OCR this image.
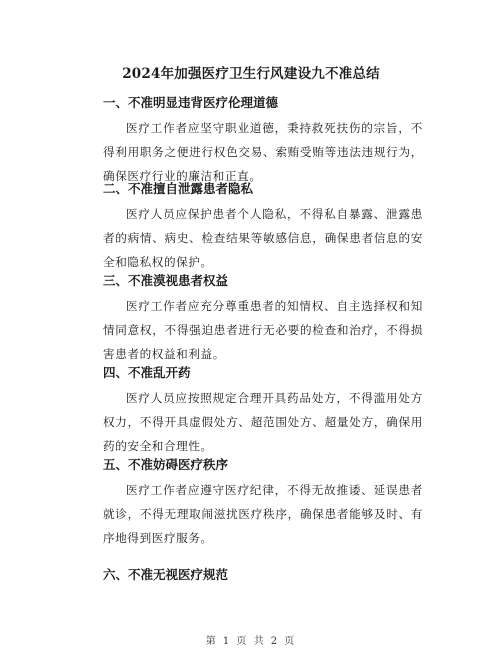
2024年加强医疗卫生行风建设九不准总结
一、不准明显违背医疗伦理道德

医疗工作者应坚守职业道德，秉持救死扶伤的宗旨，不得利用职务之便进行权色交易、索贿受贿等违法违规行为，确保医疗行业的廉洁和正直。

二、不准擅自泄露患者隐私

医疗人员应保护患者个人隐私，不得私自暴露、泄露患者的病情、病史、检查结果等敏感信息，确保患者信息的安全和隐私权的保护。

三、不准漠视患者权益

医疗工作者应充分尊重患者的知情权、自主选择权和知情同意权，不得强迫患者进行无必要的检查和治疗，不得损害患者的权益和利益。

四、不准乱开药

医疗人员应按照规定合理开具药品处方，不得滥用处方权力，不得开具虚假处方、超范围处方、超量处方，确保用药的安全和合理性。

五、不准妨碍医疗秩序

医疗工作者应遵守医疗纪律，不得无故推诿、延误患者就诊，不得无理取闹滋扰医疗秩序，确保患者能够及时、有序地得到医疗服务。

六、不准无视医疗规范
第 1 页 共 2 页
